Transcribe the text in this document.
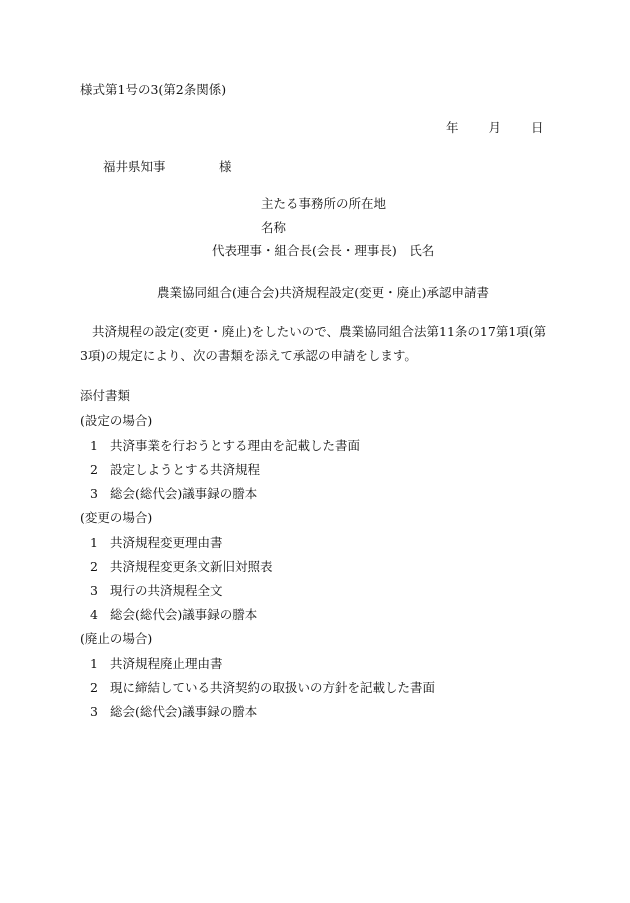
様式第1号の3(第2条関係)
年 月 日
福井県知事	様
主たる事務所の所在地
名称
代表理事・組合長(会長・理事長)　氏名
農業協同組合(連合会)共済規程設定(変更・廃止)承認申請書
共済規程の設定(変更・廃止)をしたいので、農業協同組合法第11条の17第1項(第3項)の規定により、次の書類を添えて承認の申請をします。
添付書類
(設定の場合)
1 共済事業を行おうとする理由を記載した書面
2 設定しようとする共済規程
3 総会(総代会)議事録の謄本
(変更の場合)
1 共済規程変更理由書
2 共済規程変更条文新旧対照表
3 現行の共済規程全文
4 総会(総代会)議事録の謄本
(廃止の場合)
1 共済規程廃止理由書
2 現に締結している共済契約の取扱いの方針を記載した書面
3 総会(総代会)議事録の謄本
